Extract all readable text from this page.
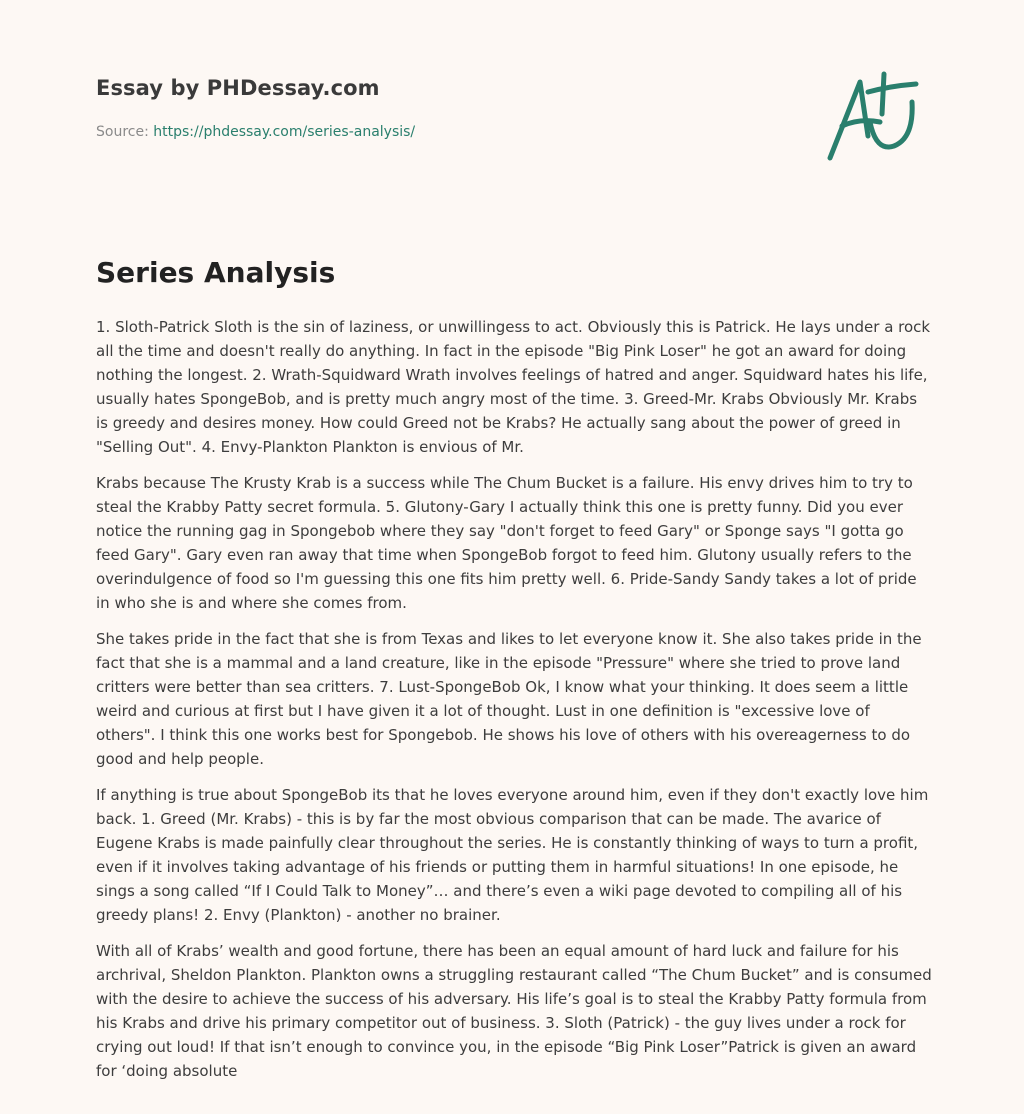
Essay by PHDessay.com
Source: https://phdessay.com/series-analysis/
Series Analysis

1. Sloth-Patrick Sloth is the sin of laziness, or unwillingess to act. Obviously this is Patrick. He lays under a rock all the time and doesn't really do anything. In fact in the episode "Big Pink Loser" he got an award for doing nothing the longest. 2. Wrath-Squidward Wrath involves feelings of hatred and anger. Squidward hates his life, usually hates SpongeBob, and is pretty much angry most of the time. 3. Greed-Mr. Krabs Obviously Mr. Krabs is greedy and desires money. How could Greed not be Krabs? He actually sang about the power of greed in "Selling Out". 4. Envy-Plankton Plankton is envious of Mr.

Krabs because The Krusty Krab is a success while The Chum Bucket is a failure. His envy drives him to try to steal the Krabby Patty secret formula. 5. Glutony-Gary I actually think this one is pretty funny. Did you ever notice the running gag in Spongebob where they say "don't forget to feed Gary" or Sponge says "I gotta go feed Gary". Gary even ran away that time when SpongeBob forgot to feed him. Glutony usually refers to the overindulgence of food so I'm guessing this one fits him pretty well. 6. Pride-Sandy Sandy takes a lot of pride in who she is and where she comes from.

She takes pride in the fact that she is from Texas and likes to let everyone know it. She also takes pride in the fact that she is a mammal and a land creature, like in the episode "Pressure" where she tried to prove land critters were better than sea critters. 7. Lust-SpongeBob Ok, I know what your thinking. It does seem a little weird and curious at first but I have given it a lot of thought. Lust in one definition is "excessive love of others". I think this one works best for Spongebob. He shows his love of others with his overeagerness to do good and help people.

If anything is true about SpongeBob its that he loves everyone around him, even if they don't exactly love him back. 1. Greed (Mr. Krabs) - this is by far the most obvious comparison that can be made. The avarice of Eugene Krabs is made painfully clear throughout the series. He is constantly thinking of ways to turn a profit, even if it involves taking advantage of his friends or putting them in harmful situations! In one episode, he sings a song called “If I Could Talk to Money”… and there’s even a wiki page devoted to compiling all of his greedy plans! 2. Envy (Plankton) - another no brainer.

With all of Krabs’ wealth and good fortune, there has been an equal amount of hard luck and failure for his archrival, Sheldon Plankton. Plankton owns a struggling restaurant called “The Chum Bucket” and is consumed with the desire to achieve the success of his adversary. His life’s goal is to steal the Krabby Patty formula from his Krabs and drive his primary competitor out of business. 3. Sloth (Patrick) - the guy lives under a rock for crying out loud! If that isn’t enough to convince you, in the episode “Big Pink Loser”Patrick is given an award for ‘doing absolute
